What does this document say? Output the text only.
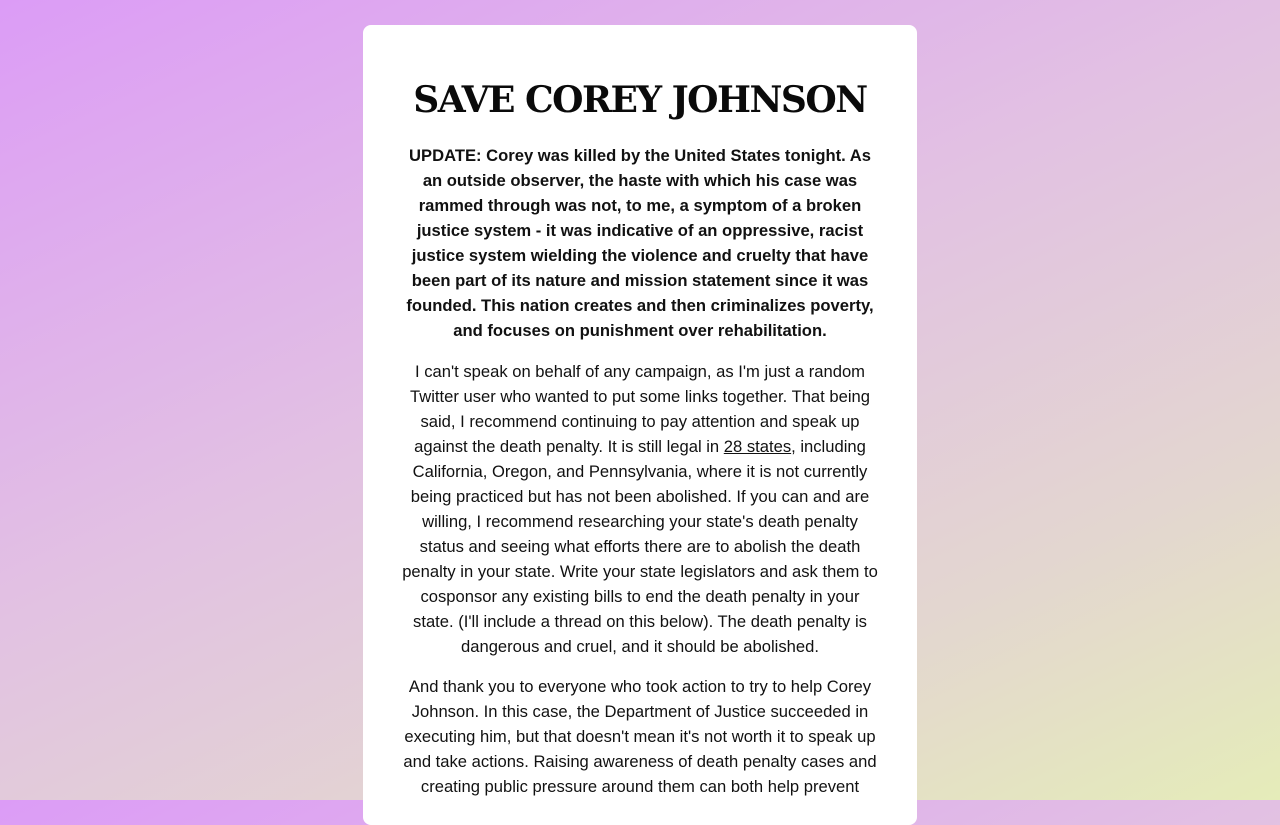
SAVE COREY JOHNSON

UPDATE: Corey was killed by the United States tonight. As an outside observer, the haste with which his case was rammed through was not, to me, a symptom of a broken justice system - it was indicative of an oppressive, racist justice system wielding the violence and cruelty that have been part of its nature and mission statement since it was founded. This nation creates and then criminalizes poverty, and focuses on punishment over rehabilitation.

I can't speak on behalf of any campaign, as I'm just a random Twitter user who wanted to put some links together. That being said, I recommend continuing to pay attention and speak up against the death penalty. It is still legal in 28 states, including California, Oregon, and Pennsylvania, where it is not currently being practiced but has not been abolished. If you can and are willing, I recommend researching your state's death penalty status and seeing what efforts there are to abolish the death penalty in your state. Write your state legislators and ask them to cosponsor any existing bills to end the death penalty in your state. (I'll include a thread on this below). The death penalty is dangerous and cruel, and it should be abolished.

And thank you to everyone who took action to try to help Corey Johnson. In this case, the Department of Justice succeeded in executing him, but that doesn't mean it's not worth it to speak up and take actions. Raising awareness of death penalty cases and creating public pressure around them can both help prevent
